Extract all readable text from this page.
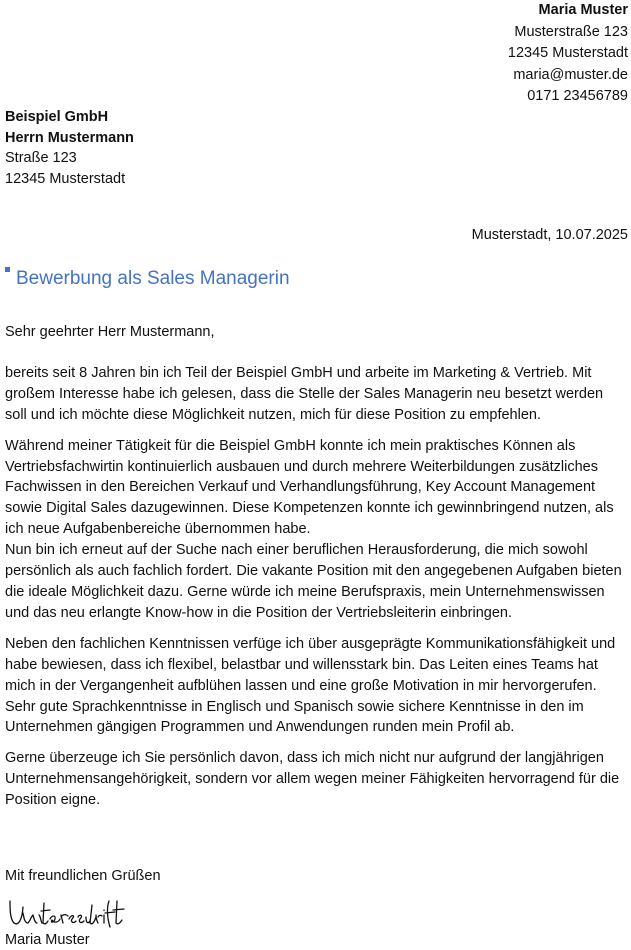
Maria Muster
Musterstraße 123
12345 Musterstadt
maria@muster.de
0171 23456789
Beispiel GmbH
Herrn Mustermann
Straße 123
12345 Musterstadt
Musterstadt, 10.07.2025
Bewerbung als Sales Managerin
Sehr geehrter Herr Mustermann,
bereits seit 8 Jahren bin ich Teil der Beispiel GmbH und arbeite im Marketing & Vertrieb. Mit großem Interesse habe ich gelesen, dass die Stelle der Sales Managerin neu besetzt werden soll und ich möchte diese Möglichkeit nutzen, mich für diese Position zu empfehlen.
Während meiner Tätigkeit für die Beispiel GmbH konnte ich mein praktisches Können als Vertriebsfachwirtin kontinuierlich ausbauen und durch mehrere Weiterbildungen zusätzliches Fachwissen in den Bereichen Verkauf und Verhandlungsführung, Key Account Management sowie Digital Sales dazugewinnen. Diese Kompetenzen konnte ich gewinnbringend nutzen, als ich neue Aufgabenbereiche übernommen habe.
Nun bin ich erneut auf der Suche nach einer beruflichen Herausforderung, die mich sowohl persönlich als auch fachlich fordert. Die vakante Position mit den angegebenen Aufgaben bieten die ideale Möglichkeit dazu. Gerne würde ich meine Berufspraxis, mein Unternehmenswissen und das neu erlangte Know-how in die Position der Vertriebsleiterin einbringen.
Neben den fachlichen Kenntnissen verfüge ich über ausgeprägte Kommunikationsfähigkeit und habe bewiesen, dass ich flexibel, belastbar und willensstark bin. Das Leiten eines Teams hat mich in der Vergangenheit aufblühen lassen und eine große Motivation in mir hervorgerufen. Sehr gute Sprachkenntnisse in Englisch und Spanisch sowie sichere Kenntnisse in den im Unternehmen gängigen Programmen und Anwendungen runden mein Profil ab.
Gerne überzeuge ich Sie persönlich davon, dass ich mich nicht nur aufgrund der langjährigen Unternehmensangehörigkeit, sondern vor allem wegen meiner Fähigkeiten hervorragend für die Position eigne.
Mit freundlichen Grüßen
Maria Muster
